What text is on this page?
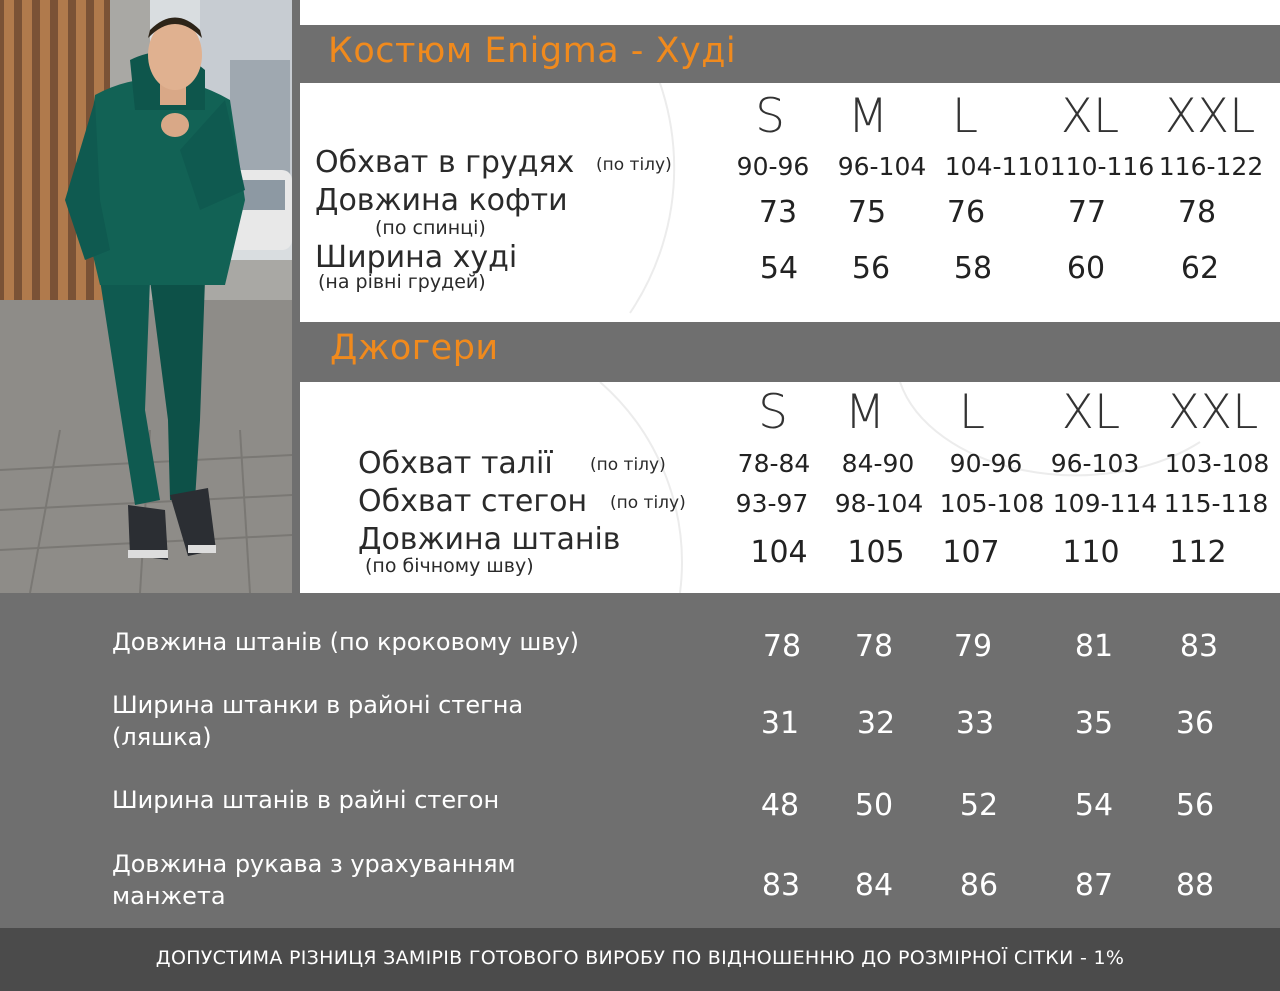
Костюм Enigma - Худі
S	M	L	XL XXL
Обхват в грудях (по тілу)	90-96	96-104 104-110 110-116 116-122
Довжина кофти
(по спинці)	73	75	76	77	78
Ширина худі
(на рівні грудей)	54	56	58	60	62
Джогери
S	M	L	XL	XXL
Обхват талії (по тілу)	78-84	84-90	90-96	96-103	103-108
Обхват стегон (по тілу)	93-97	98-104 105-108 109-114 115-118
Довжина штанів
(по бічному шву)	104	105	107	110	112
Довжина штанів (по кроковому шву)	78	78	79	81	83
Ширина штанки в районі стегна
(ляшка)	31	32	33	35	36
Ширина штанів в райні стегон	48	50	52	54	56
Довжина рукава з урахуванням
манжета	83	84	86	87	88
ДОПУСТИМА РІЗНИЦЯ ЗАМІРІВ ГОТОВОГО ВИРОБУ ПО ВІДНОШЕННЮ ДО РОЗМІРНОЇ СІТКИ - 1%
